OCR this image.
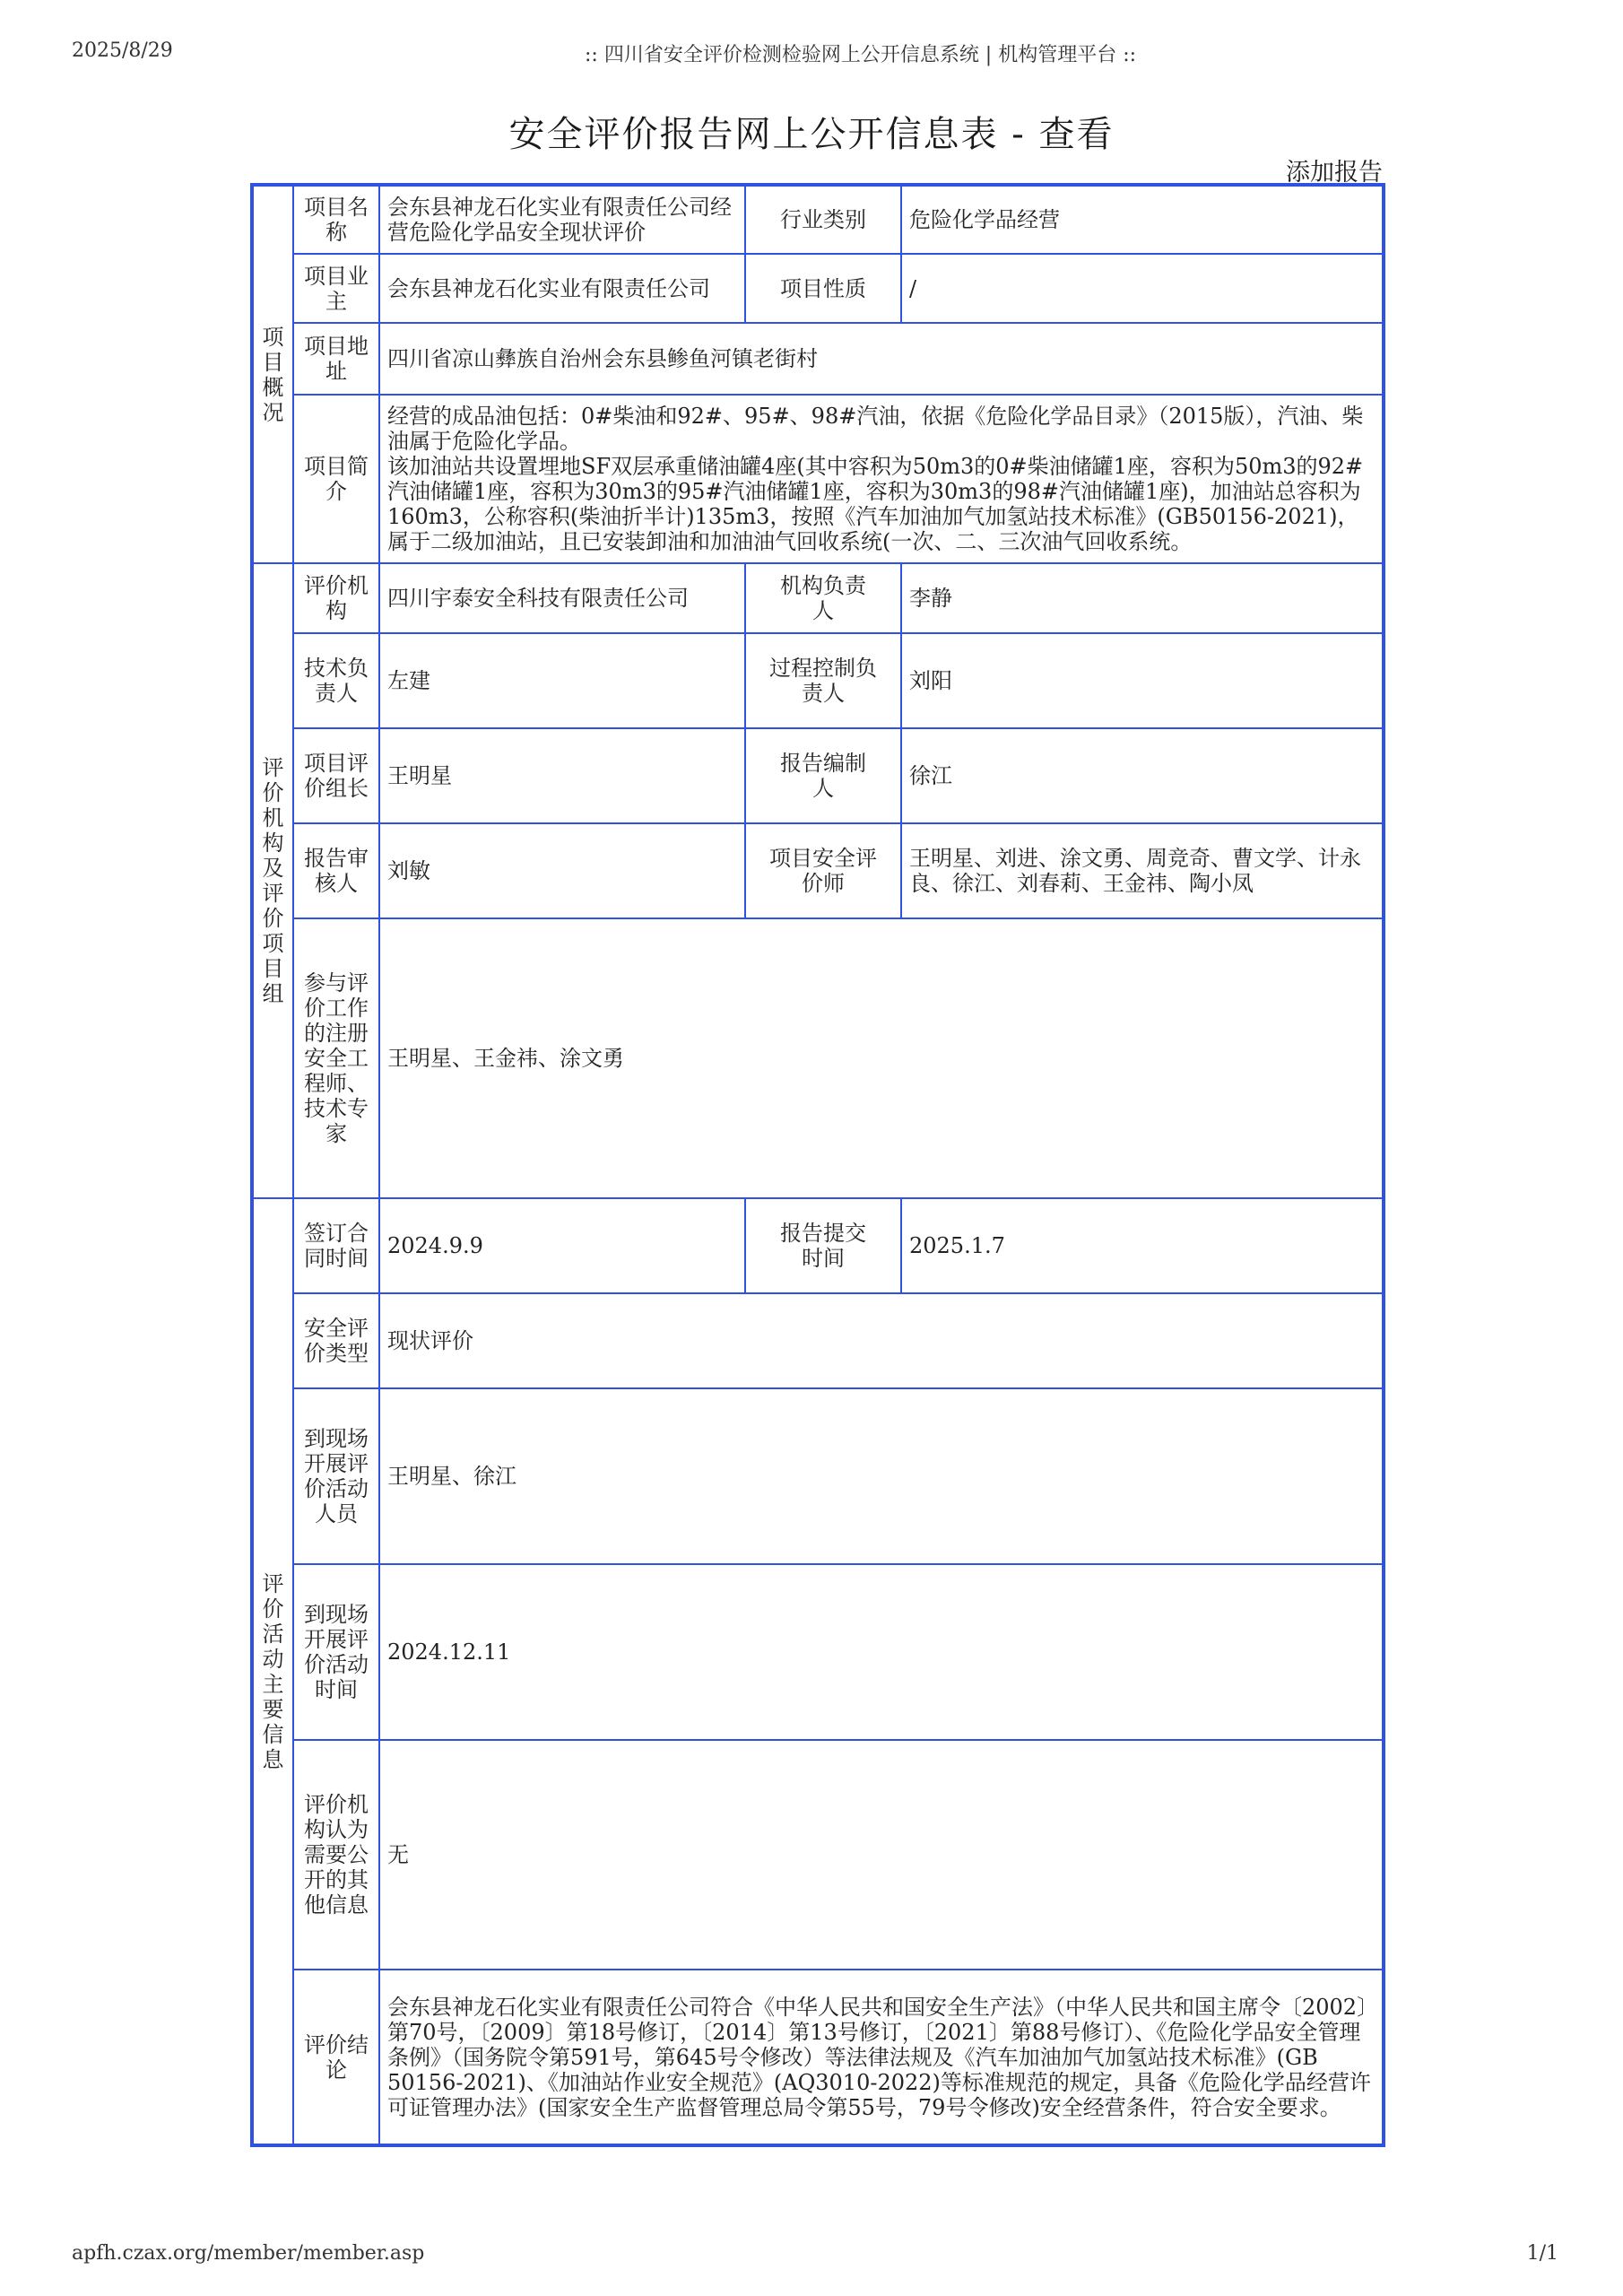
2025/8/29	:: 四川省安全评价检测检验网上公开信息系统 | 机构管理平台 ::
安全评价报告网上公开信息表 - 查看
添加报告
项目概况	项目名称	会东县神龙石化实业有限责任公司经营危险化学品安全现状评价	行业类别	危险化学品经营

	项目业主	会东县神龙石化实业有限责任公司	项目性质	/

	项目地址	四川省凉山彝族自治州会东县鲹鱼河镇老街村		

	项目简介	经营的成品油包括：0#柴油和92#、95#、98#汽油，依据《危险化学品目录》（2015版），汽油、柴油属于危险化学品。
该加油站共设置埋地SF双层承重储油罐4座(其中容积为50m3的0#柴油储罐1座，容积为50m3的92#汽油储罐1座，容积为30m3的95#汽油储罐1座，容积为30m3的98#汽油储罐1座)，加油站总容积为160m3，公称容积(柴油折半计)135m3，按照《汽车加油加气加氢站技术标准》(GB50156-2021)，属于二级加油站，且已安装卸油和加油油气回收系统(一次、二、三次油气回收系统。		

评价机构及评价项目组	评价机构	四川宇泰安全科技有限责任公司	机构负责人	李静

	技术负责人	左建	过程控制负责人	刘阳

	项目评价组长	王明星	报告编制人	徐江

	报告审核人	刘敏	项目安全评价师	王明星、刘进、涂文勇、周竞奇、曹文学、计永良、徐江、刘春莉、王金祎、陶小凤

	参与评价工作的注册安全工程师、技术专家	王明星、王金祎、涂文勇		

评价活动主要信息	签订合同时间	2024.9.9	报告提交时间	2025.1.7

	安全评价类型	现状评价		

	到现场开展评价活动人员	王明星、徐江		

	到现场开展评价活动时间	2024.12.11		

	评价机构认为需要公开的其他信息	无		

	评价结论	会东县神龙石化实业有限责任公司符合《中华人民共和国安全生产法》（中华人民共和国主席令〔2002〕第70号，〔2009〕第18号修订，〔2014〕第13号修订，〔2021〕第88号修订）、《危险化学品安全管理条例》（国务院令第591号，第645号令修改）等法律法规及《汽车加油加气加氢站技术标准》(GB 50156-2021)、《加油站作业安全规范》(AQ3010-2022)等标准规范的规定，具备《危险化学品经营许可证管理办法》(国家安全生产监督管理总局令第55号，79号令修改)安全经营条件，符合安全要求。		
apfh.czax.org/member/member.asp	1/1
